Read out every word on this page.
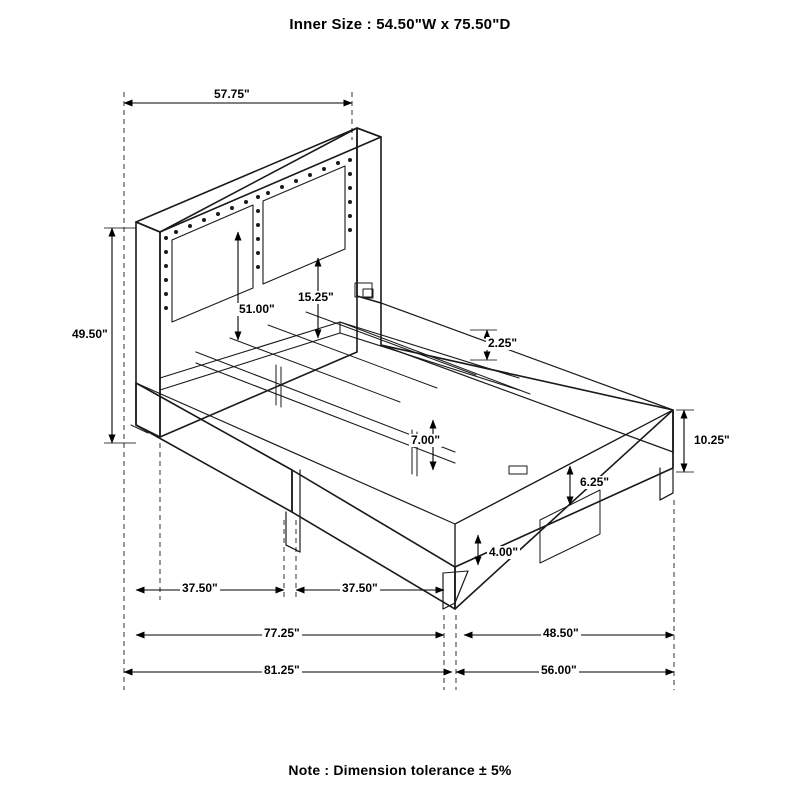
Inner Size : 54.50"W x 75.50"D
57.75"
49.50"
51.00"
15.25"
2.25"
7.00"
6.25"
10.25"
4.00"
37.50"	37.50"
77.25"	48.50"
81.25"	56.00"
Note : Dimension tolerance ± 5%
